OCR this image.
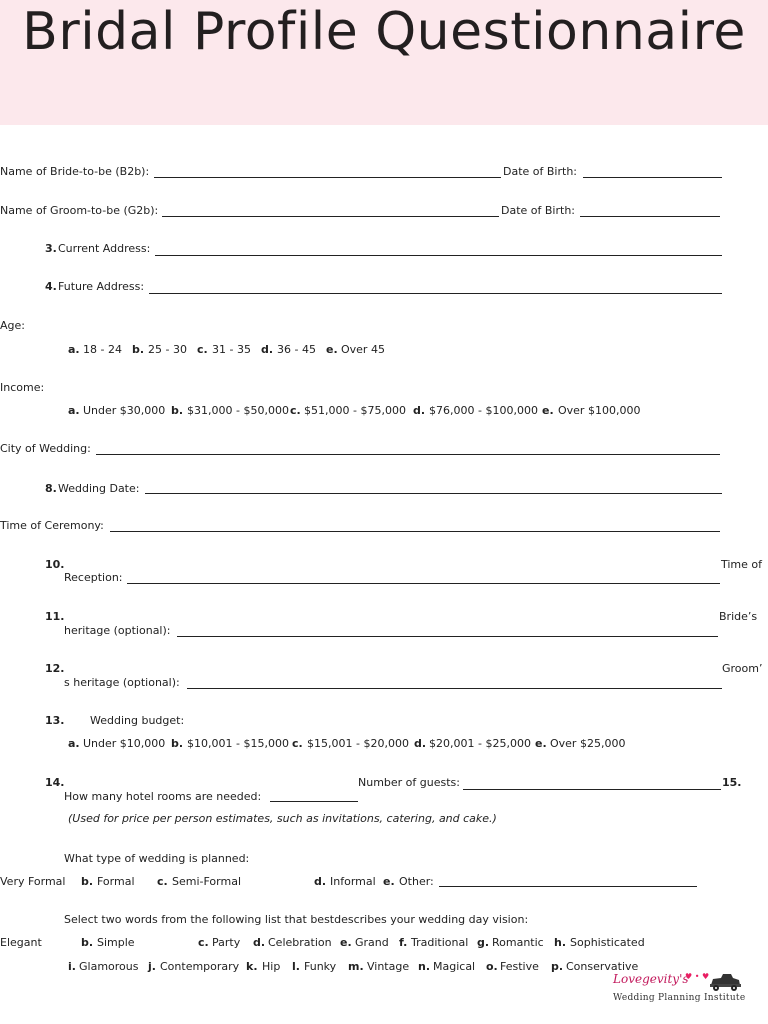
Bridal Profile Questionnaire
Name of Bride-to-be (B2b):	Date of Birth:
Name of Groom-to-be (G2b):	Date of Birth:
3. Current Address:
4. Future Address:
Age:
a. 18 - 24 b. 25 - 30 c. 31 - 35 d. 36 - 45 e. Over 45
Income:
a. Under $30,000 b. $31,000 - $50,000 c. $51,000 - $75,000 d. $76,000 - $100,000 e. Over $100,000
City of Wedding:
8. Wedding Date:
Time of Ceremony:
10.	Time of
Reception:
11.	Bride’s
heritage (optional):
12.	Groom’
s heritage (optional):
13. Wedding budget:
a. Under $10,000 b. $10,001 - $15,000 c. $15,001 - $20,000 d. $20,001 - $25,000 e. Over $25,000
14.	Number of guests:	15.
How many hotel rooms are needed:
(Used for price per person estimates, such as invitations, catering, and cake.)
What type of wedding is planned:
Very Formal b. Formal c. Semi-Formal	d. Informal e. Other:
Select two words from the following list that bestdescribes your wedding day vision:
Elegant	b. Simple	c. Party d. Celebration e. Grand f. Traditional g. Romantic h. Sophisticated
i. Glamorous j. Contemporary k. Hip l. Funky m. Vintage n. Magical o. Festive p. Conservative
Lovegevity's
♥ • ♥
Wedding Planning Institute
